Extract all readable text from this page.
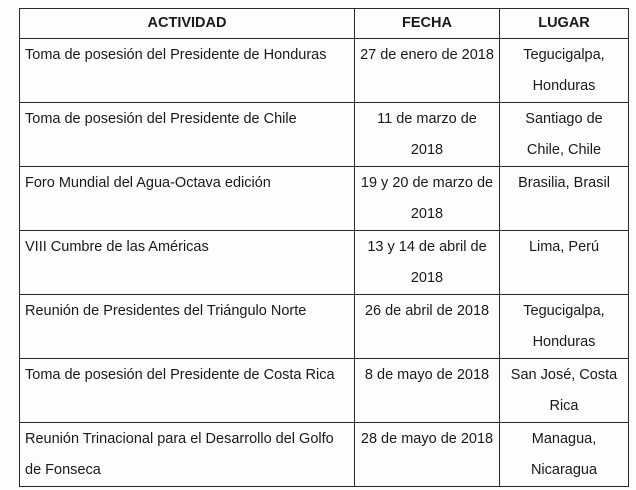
ACTIVIDAD	FECHA	LUGAR
Toma de posesión del Presidente de Honduras	27 de enero de 2018	Tegucigalpa, Honduras
Toma de posesión del Presidente de Chile	11 de marzo de 2018	Santiago de Chile, Chile
Foro Mundial del Agua-Octava edición	19 y 20 de marzo de 2018	Brasilia, Brasil
VIII Cumbre de las Américas	13 y 14 de abril de 2018	Lima, Perú
Reunión de Presidentes del Triángulo Norte	26 de abril de 2018	Tegucigalpa, Honduras
Toma de posesión del Presidente de Costa Rica	8 de mayo de 2018	San José, Costa Rica
Reunión Trinacional para el Desarrollo del Golfo de Fonseca	28 de mayo de 2018	Managua, Nicaragua
